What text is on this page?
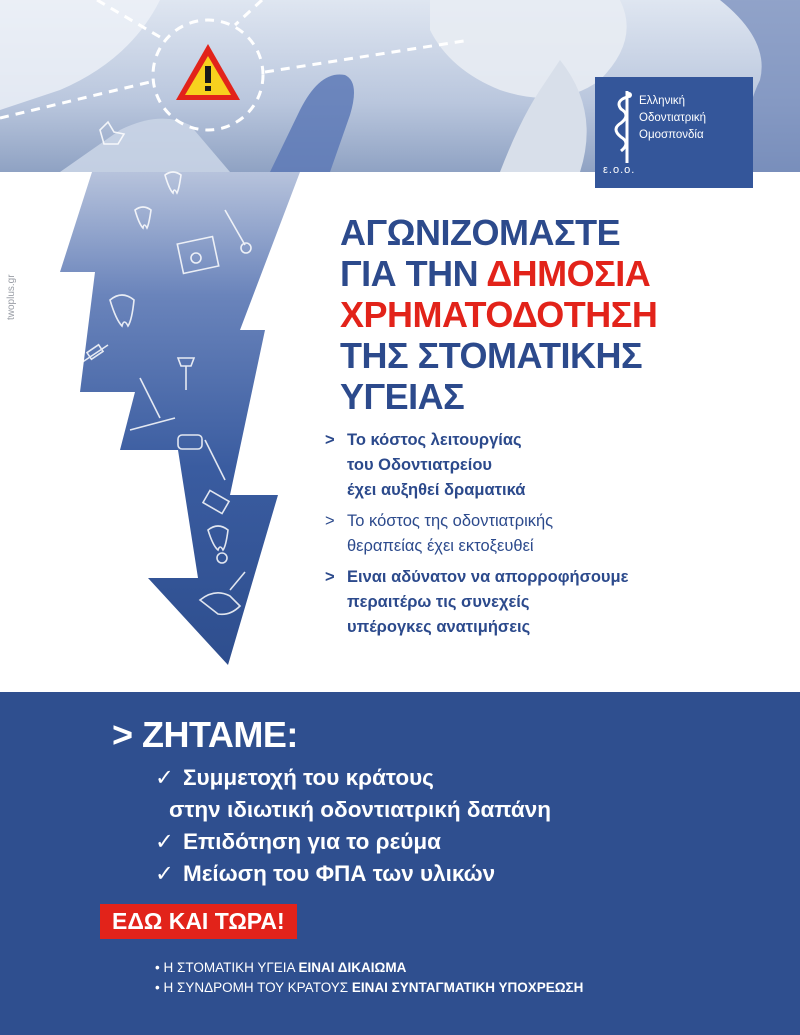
Ελληνική
Οδοντιατρική
Ομοσπονδία
ε.ο.ο.
twoplus.gr
ΑΓΩΝΙΖΟΜΑΣΤΕ
ΓΙΑ ΤΗΝ ΔΗΜΟΣΙΑ
ΧΡΗΜΑΤΟΔΟΤΗΣΗ
ΤΗΣ ΣΤΟΜΑΤΙΚΗΣ
ΥΓΕΙΑΣ
> Το κόστος λειτουργίας
του Οδοντιατρείου
έχει αυξηθεί δραματικά
> Το κόστος της οδοντιατρικής
θεραπείας έχει εκτοξευθεί
> Eιναι αδύνατον να απορροφήσουμε
περαιτέρω τις συνεχείς
υπέρογκες ανατιμήσεις
> ΖΗΤΑΜΕ:
✓ Συμμετοχή του κράτους
στην ιδιωτική οδοντιατρική δαπάνη
✓ Επιδότηση για το ρεύμα
✓ Μείωση του ΦΠΑ των υλικών
ΕΔΩ ΚΑΙ ΤΩΡΑ!
• Η ΣΤΟΜΑΤΙΚΗ ΥΓΕΙΑ ΕΙΝΑΙ ΔΙΚΑΙΩΜΑ
• Η ΣΥΝΔΡΟΜΗ ΤΟΥ ΚΡΑΤΟΥΣ ΕΙΝΑΙ ΣΥΝΤΑΓΜΑΤΙΚΗ ΥΠΟΧΡΕΩΣΗ
